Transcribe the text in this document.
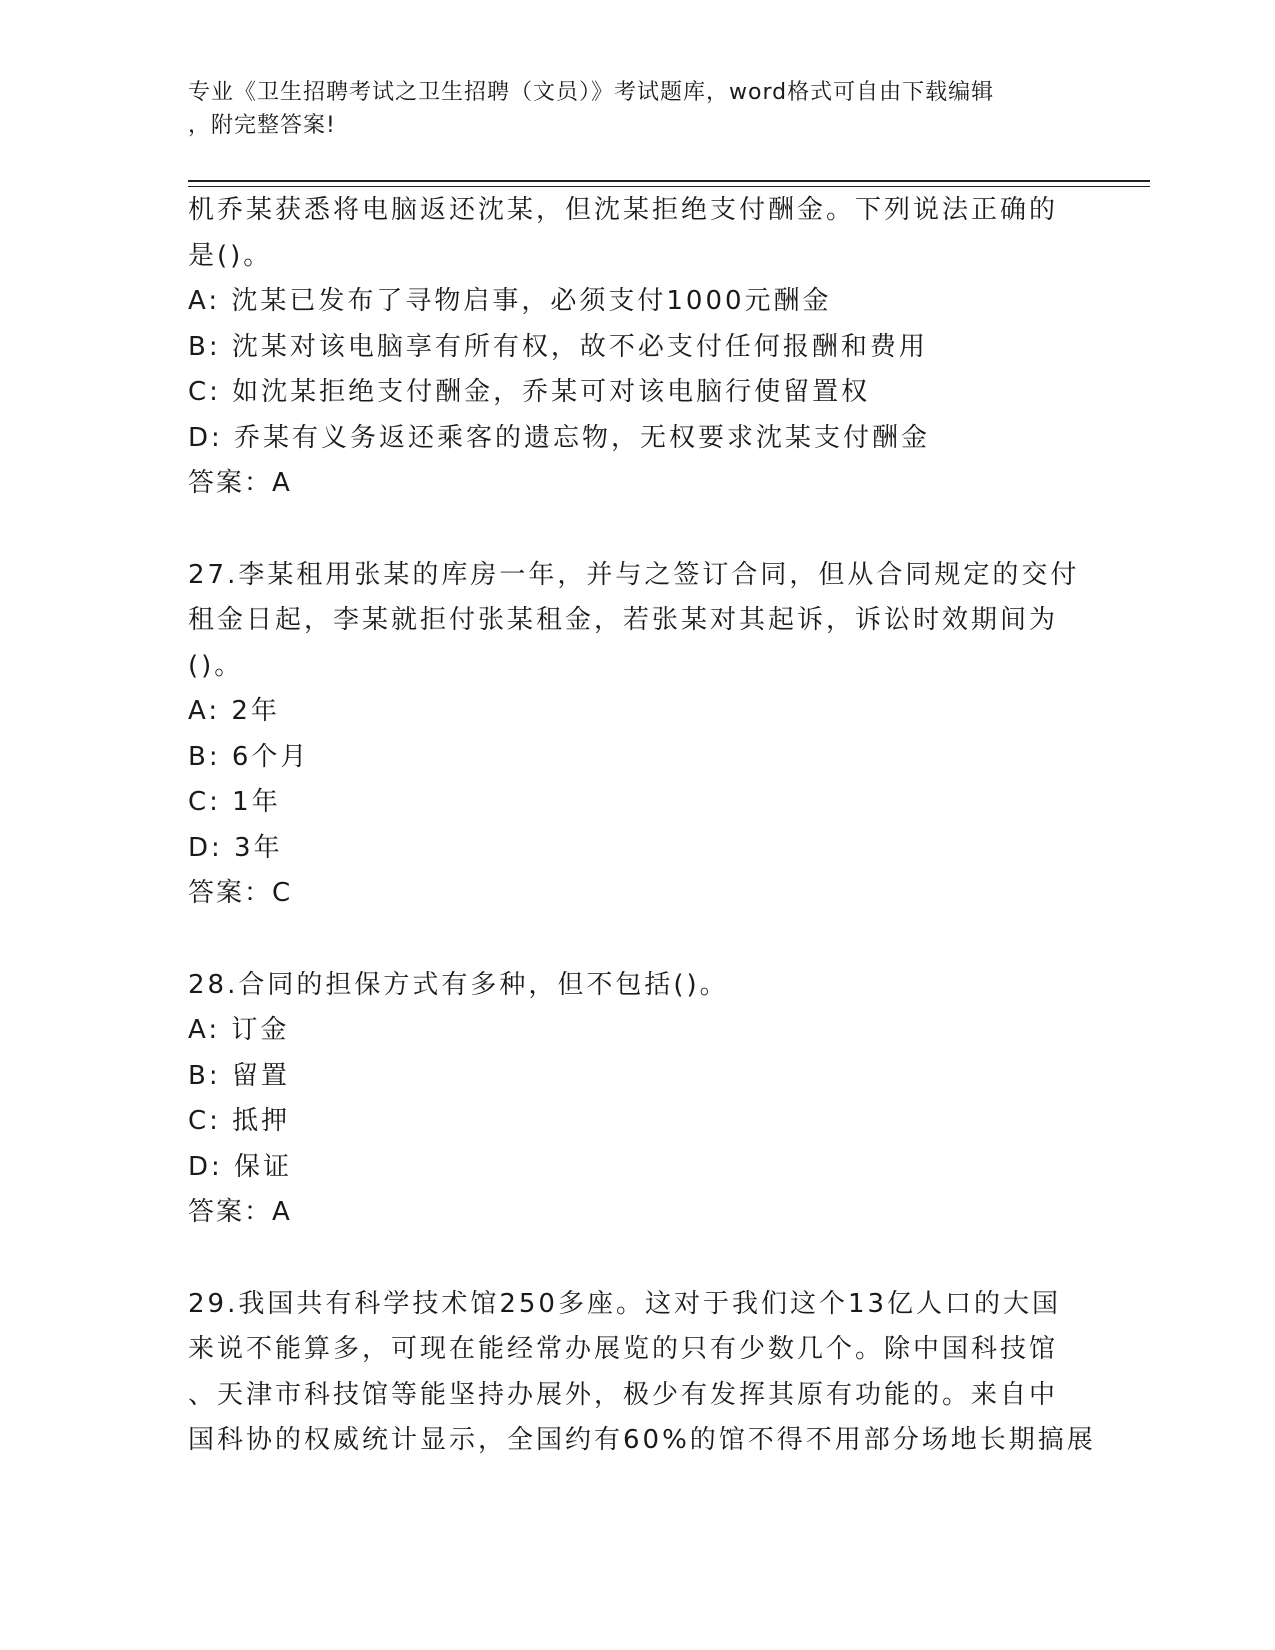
专业《卫生招聘考试之卫生招聘（文员）》考试题库，word格式可自由下载编辑
，附完整答案!
机乔某获悉将电脑返还沈某，但沈某拒绝支付酬金。下列说法正确的
是()。
A: 沈某已发布了寻物启事，必须支付1000元酬金
B: 沈某对该电脑享有所有权，故不必支付任何报酬和费用
C: 如沈某拒绝支付酬金，乔某可对该电脑行使留置权
D: 乔某有义务返还乘客的遗忘物，无权要求沈某支付酬金
答案：A
27.李某租用张某的库房一年，并与之签订合同，但从合同规定的交付
租金日起，李某就拒付张某租金，若张某对其起诉，诉讼时效期间为
()。
A: 2年
B: 6个月
C: 1年
D: 3年
答案：C
28.合同的担保方式有多种，但不包括()。
A: 订金
B: 留置
C: 抵押
D: 保证
答案：A
29.我国共有科学技术馆250多座。这对于我们这个13亿人口的大国
来说不能算多，可现在能经常办展览的只有少数几个。除中国科技馆
、天津市科技馆等能坚持办展外，极少有发挥其原有功能的。来自中
国科协的权威统计显示，全国约有60%的馆不得不用部分场地长期搞展
